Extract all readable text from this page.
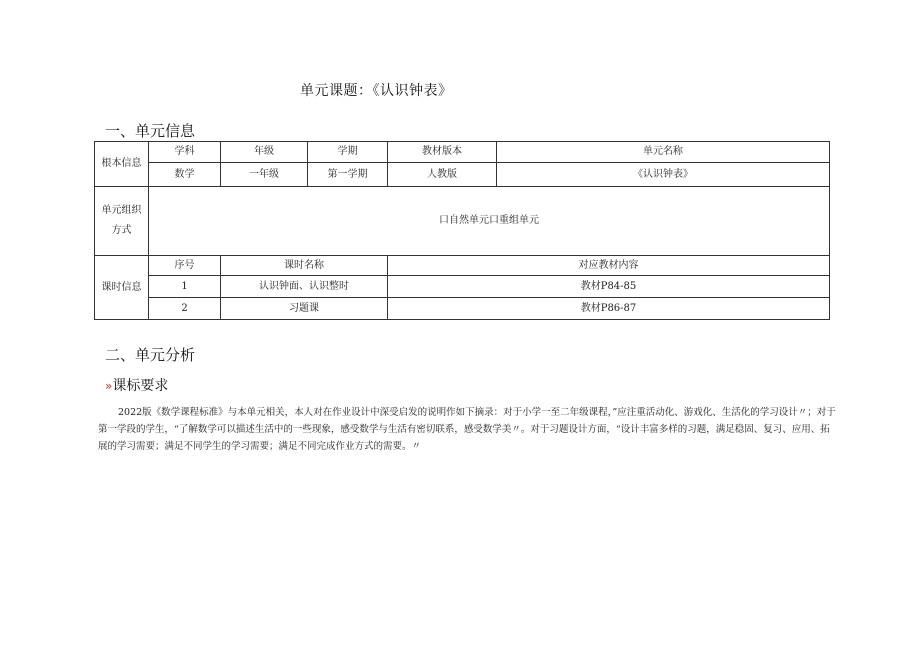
单元课题：《认识钟表》
一、单元信息
根本信息	学科	年级	学期	教材版本	单元名称
	数学	一年级	第一学期	人教版	《认识钟表》
单元组织方式	口自然单元口重组单元				
课时信息	序号	课时名称		对应教材内容	
	1	认识钟面、认识整时		教材P84-85	
	2	习题课		教材P86-87	
二、单元分析
»课标要求
2022版《数学课程标准》与本单元相关，本人对在作业设计中深受启发的说明作如下摘录：对于小学一至二年级课程，”应注重活动化、游戏化、生活化的学习设计〃；对于第一学段的学生，“了解数学可以描述生活中的一些现象，感受数学与生活有密切联系，感受数学美〃。对于习题设计方面，“设计丰富多样的习题，满足稳固、复习、应用、拓展的学习需要；满足不同学生的学习需要；满足不同完成作业方式的需要。〃
